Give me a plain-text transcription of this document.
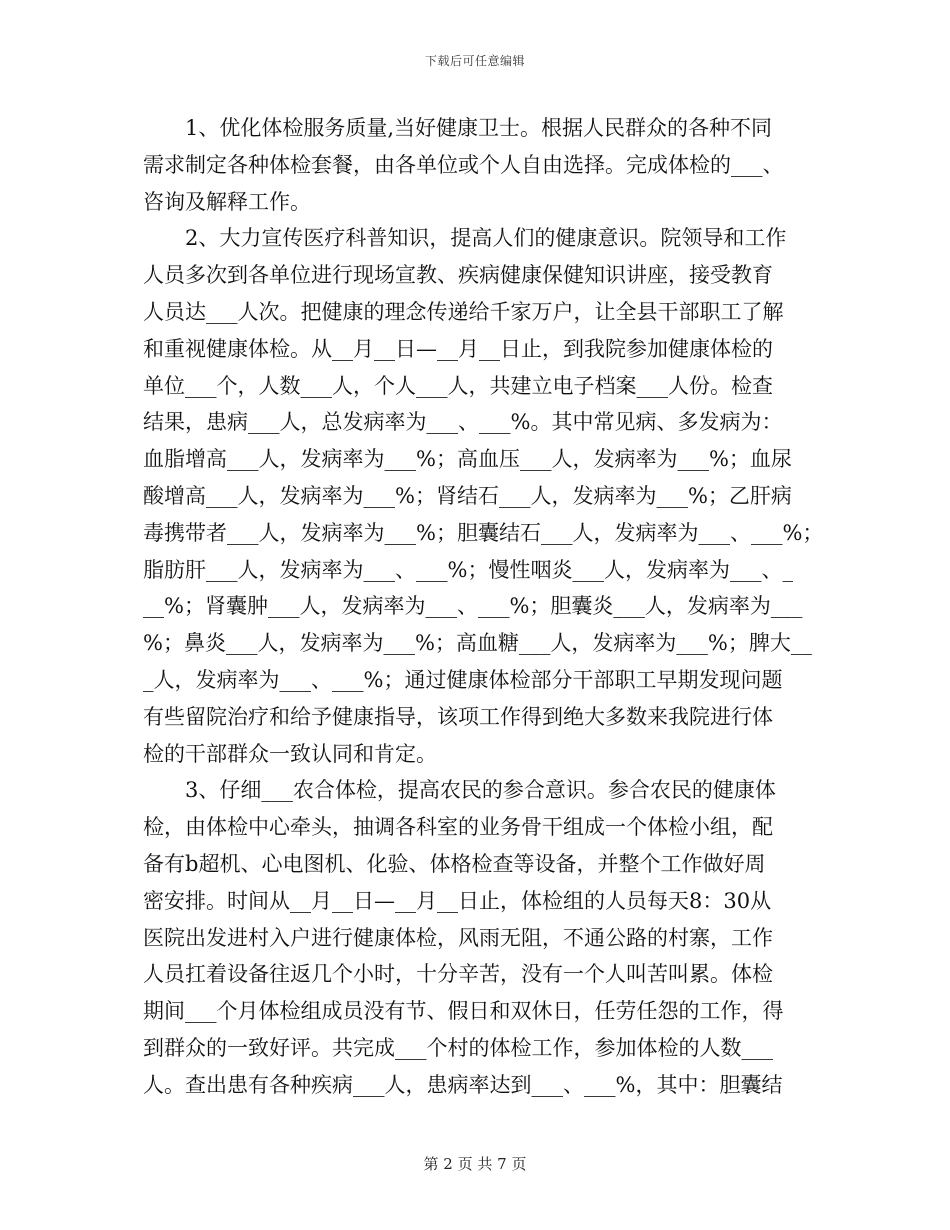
下载后可任意编辑
　　1、优化体检服务质量,当好健康卫士。根据人民群众的各种不同
需求制定各种体检套餐，由各单位或个人自由选择。完成体检的___、
咨询及解释工作。
　　2、大力宣传医疗科普知识，提高人们的健康意识。院领导和工作
人员多次到各单位进行现场宣教、疾病健康保健知识讲座，接受教育
人员达___人次。把健康的理念传递给千家万户，让全县干部职工了解
和重视健康体检。从__月__日—__月__日止，到我院参加健康体检的
单位___个，人数___人，个人___人，共建立电子档案___人份。检查
结果，患病___人，总发病率为___、___%。其中常见病、多发病为：
血脂增高___人，发病率为___%；高血压___人，发病率为___%；血尿
酸增高___人，发病率为___%；肾结石___人，发病率为___%；乙肝病
毒携带者___人，发病率为___%；胆囊结石___人，发病率为___、___%；
脂肪肝___人，发病率为___、___%；慢性咽炎___人，发病率为___、_
__%；肾囊肿___人，发病率为___、___%；胆囊炎___人，发病率为___
%；鼻炎___人，发病率为___%；高血糖___人，发病率为___%；脾大__
_人，发病率为___、___%；通过健康体检部分干部职工早期发现问题
有些留院治疗和给予健康指导，该项工作得到绝大多数来我院进行体
检的干部群众一致认同和肯定。
　　3、仔细___农合体检，提高农民的参合意识。参合农民的健康体
检，由体检中心牵头，抽调各科室的业务骨干组成一个体检小组，配
备有b超机、心电图机、化验、体格检查等设备，并整个工作做好周
密安排。时间从__月__日—__月__日止，体检组的人员每天8：30从
医院出发进村入户进行健康体检，风雨无阻，不通公路的村寨，工作
人员扛着设备往返几个小时，十分辛苦，没有一个人叫苦叫累。体检
期间___个月体检组成员没有节、假日和双休日，任劳任怨的工作，得
到群众的一致好评。共完成___个村的体检工作，参加体检的人数___
人。查出患有各种疾病___人，患病率达到___、___%，其中：胆囊结
第 2 页 共 7 页
